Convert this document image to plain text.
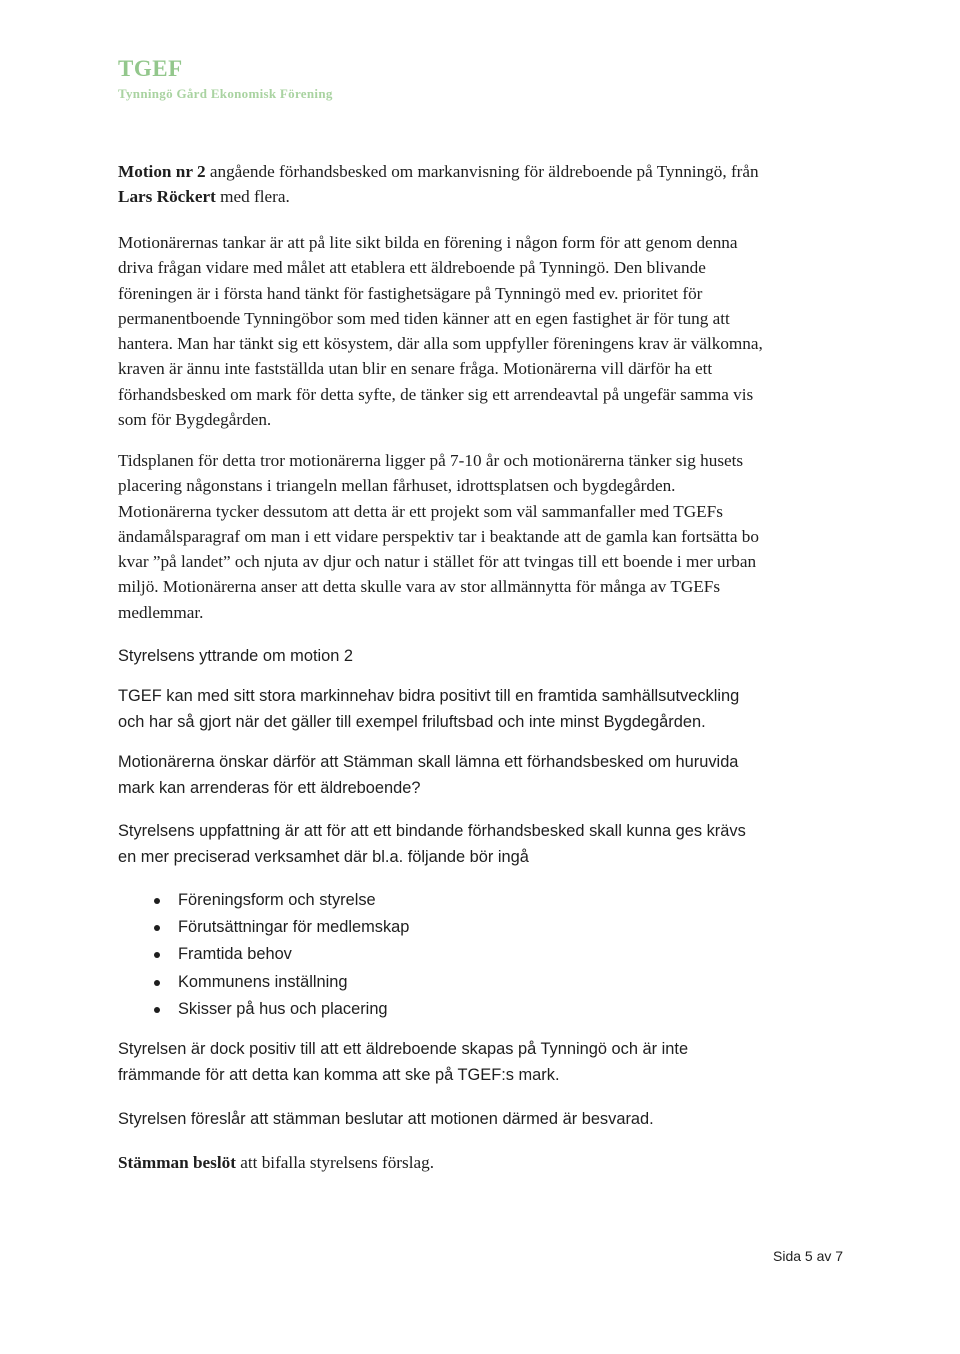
TGEF
Tynningö Gård Ekonomisk Förening

Motion nr 2 angående förhandsbesked om markanvisning för äldreboende på Tynningö, från
Lars Röckert med flera.

Motionärernas tankar är att på lite sikt bilda en förening i någon form för att genom denna
driva frågan vidare med målet att etablera ett äldreboende på Tynningö. Den blivande
föreningen är i första hand tänkt för fastighetsägare på Tynningö med ev. prioritet för
permanentboende Tynningöbor som med tiden känner att en egen fastighet är för tung att
hantera. Man har tänkt sig ett kösystem, där alla som uppfyller föreningens krav är välkomna,
kraven är ännu inte fastställda utan blir en senare fråga. Motionärerna vill därför ha ett
förhandsbesked om mark för detta syfte, de tänker sig ett arrendeavtal på ungefär samma vis
som för Bygdegården.

Tidsplanen för detta tror motionärerna ligger på 7-10 år och motionärerna tänker sig husets
placering någonstans i triangeln mellan fårhuset, idrottsplatsen och bygdegården.
Motionärerna tycker dessutom att detta är ett projekt som väl sammanfaller med TGEFs
ändamålsparagraf om man i ett vidare perspektiv tar i beaktande att de gamla kan fortsätta bo
kvar ”på landet” och njuta av djur och natur i stället för att tvingas till ett boende i mer urban
miljö. Motionärerna anser att detta skulle vara av stor allmännytta för många av TGEFs
medlemmar.

Styrelsens yttrande om motion 2

TGEF kan med sitt stora markinnehav bidra positivt till en framtida samhällsutveckling
och har så gjort när det gäller till exempel friluftsbad och inte minst Bygdegården.

Motionärerna önskar därför att Stämman skall lämna ett förhandsbesked om huruvida
mark kan arrenderas för ett äldreboende?

Styrelsens uppfattning är att för att ett bindande förhandsbesked skall kunna ges krävs
en mer preciserad verksamhet där bl.a. följande bör ingå

Föreningsform och styrelse
Förutsättningar för medlemskap
Framtida behov
Kommunens inställning
Skisser på hus och placering

Styrelsen är dock positiv till att ett äldreboende skapas på Tynningö och är inte
främmande för att detta kan komma att ske på TGEF:s mark.

Styrelsen föreslår att stämman beslutar att motionen därmed är besvarad.

Stämman beslöt att bifalla styrelsens förslag.

Sida 5 av 7
